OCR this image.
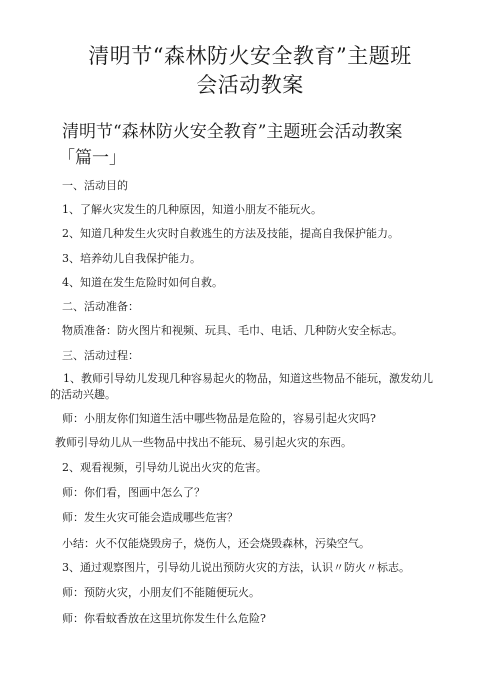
清明节“森林防火安全教育”主题班
会活动教案
清明节“森林防火安全教育”主题班会活动教案
「篇一」
一、活动目的
1、了解火灾发生的几种原因，知道小朋友不能玩火。
2、知道几种发生火灾时自救逃生的方法及技能，提高自我保护能力。
3、培养幼儿自我保护能力。
4、知道在发生危险时如何自救。
二、活动准备：
物质准备：防火图片和视频、玩具、毛巾、电话、几种防火安全标志。
三、活动过程：
1、教师引导幼儿发现几种容易起火的物品，知道这些物品不能玩，激发幼儿 的活动兴趣。
师：小朋友你们知道生活中哪些物品是危险的，容易引起火灾吗?
教师引导幼儿从一些物品中找出不能玩、易引起火灾的东西。
2、观看视频，引导幼儿说出火灾的危害。
师：你们看，图画中怎么了？
师：发生火灾可能会造成哪些危害？
小结：火不仅能烧毁房子，烧伤人，还会烧毁森林，污染空气。
3、通过观察图片，引导幼儿说出预防火灾的方法，认识〃防火〃标志。
师：预防火灾，小朋友们不能随便玩火。
师：你看蚊香放在这里坑你发生什么危险?
